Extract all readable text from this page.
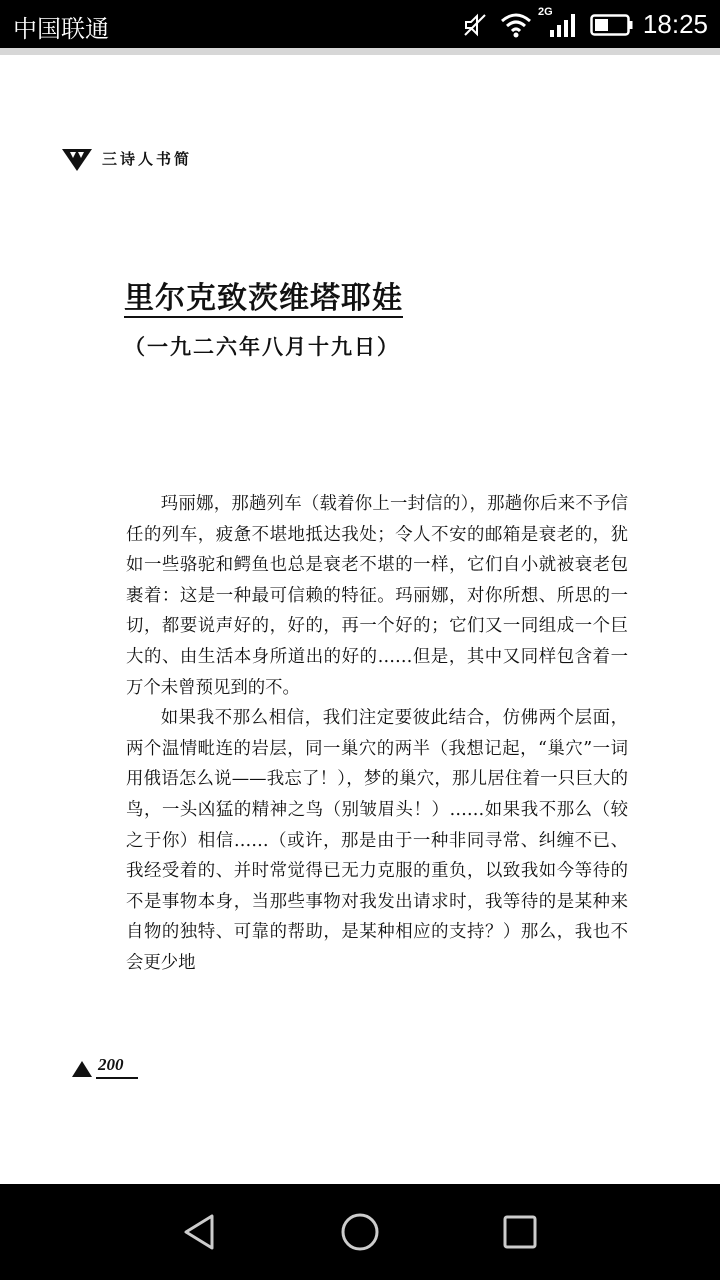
中国联通
2G	18:25
三诗人书简
里尔克致茨维塔耶娃
（一九二六年八月十九日）

玛丽娜，那趟列车（载着你上一封信的），那趟你后来不予信任的列车，疲惫不堪地抵达我处；令人不安的邮箱是衰老的，犹如一些骆驼和鳄鱼也总是衰老不堪的一样，它们自小就被衰老包裹着：这是一种最可信赖的特征。玛丽娜，对你所想、所思的一切，都要说声好的，好的，再一个好的；它们又一同组成一个巨大的、由生活本身所道出的好的……但是，其中又同样包含着一万个未曾预见到的不。

如果我不那么相信，我们注定要彼此结合，仿佛两个层面，两个温情毗连的岩层，同一巢穴的两半（我想记起，“巢穴”一词用俄语怎么说——我忘了！），梦的巢穴，那儿居住着一只巨大的鸟，一头凶猛的精神之鸟（别皱眉头！）……如果我不那么（较之于你）相信……（或许，那是由于一种非同寻常、纠缠不已、我经受着的、并时常觉得已无力克服的重负，以致我如今等待的不是事物本身，当那些事物对我发出请求时，我等待的是某种来自物的独特、可靠的帮助，是某种相应的支持？）那么，我也不会更少地

200
